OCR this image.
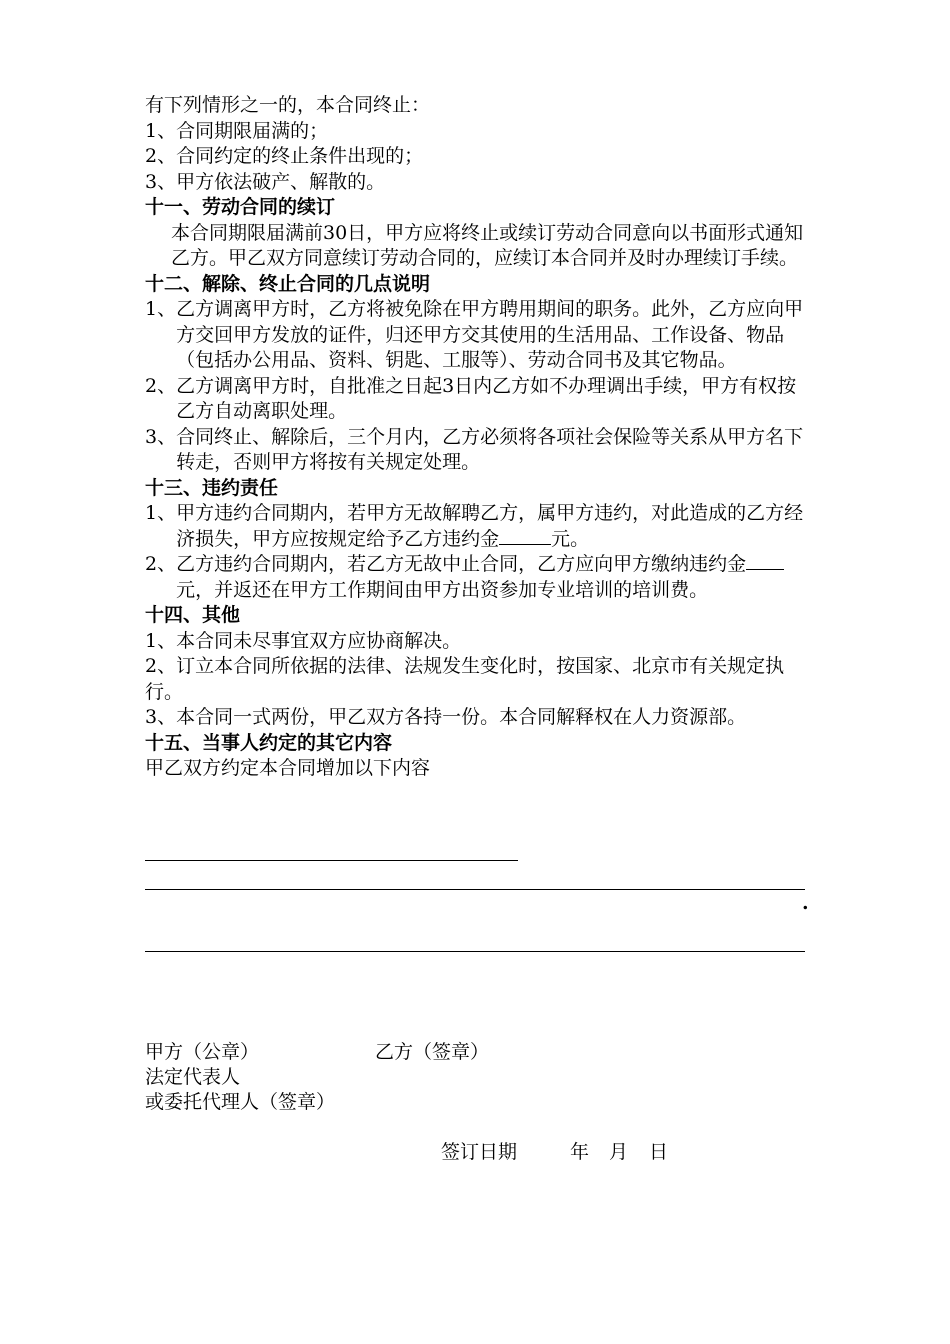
有下列情形之一的，本合同终止：
1、合同期限届满的；
2、合同约定的终止条件出现的；
3、甲方依法破产、解散的。
十一、劳动合同的续订
本合同期限届满前30日，甲方应将终止或续订劳动合同意向以书面形式通知乙方。甲乙双方同意续订劳动合同的，应续订本合同并及时办理续订手续。
十二、解除、终止合同的几点说明
1、 乙方调离甲方时，乙方将被免除在甲方聘用期间的职务。此外，乙方应向甲方交回甲方发放的证件，归还甲方交其使用的生活用品、工作设备、物品（包括办公用品、资料、钥匙、工服等）、劳动合同书及其它物品。
2、 乙方调离甲方时，自批准之日起3日内乙方如不办理调出手续，甲方有权按乙方自动离职处理。
3、 合同终止、解除后，三个月内，乙方必须将各项社会保险等关系从甲方名下转走，否则甲方将按有关规定处理。
十三、违约责任
1、 甲方违约合同期内，若甲方无故解聘乙方，属甲方违约，对此造成的乙方经济损失，甲方应按规定给予乙方违约金	元。
2、 乙方违约合同期内，若乙方无故中止合同，乙方应向甲方缴纳违约金元，并返还在甲方工作期间由甲方出资参加专业培训的培训费。
十四、其他
1、本合同未尽事宜双方应协商解决。
2、订立本合同所依据的法律、法规发生变化时，按国家、北京市有关规定执行。
3、本合同一式两份，甲乙双方各持一份。本合同解释权在人力资源部。
十五、当事人约定的其它内容
甲乙双方约定本合同增加以下内容
.
甲方（公章）	乙方（签章）
法定代表人
或委托代理人（签章）
签订日期	年 月 日
